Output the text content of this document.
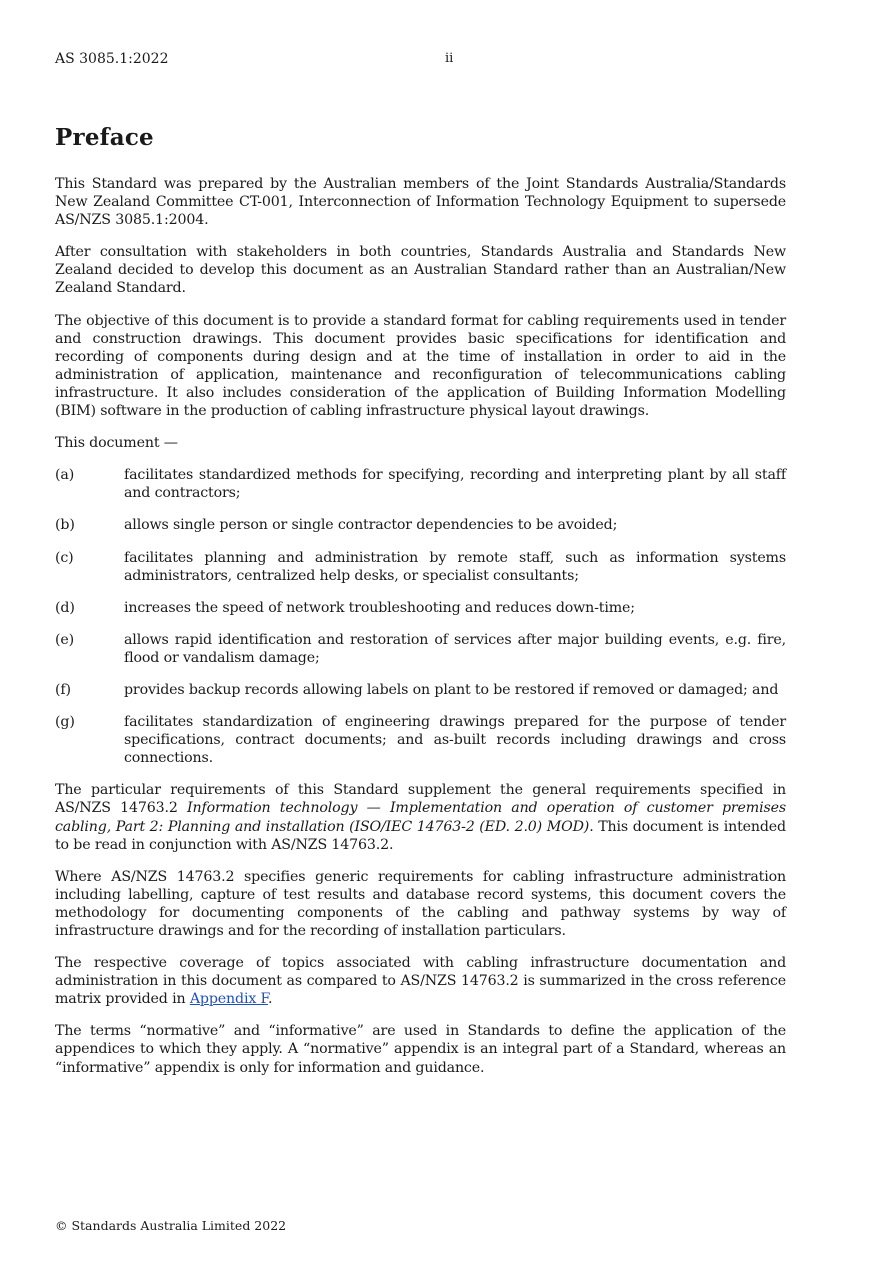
AS 3085.1:2022	ii
Preface

This Standard was prepared by the Australian members of the Joint Standards Australia/Standards New Zealand Committee CT-001, Interconnection of Information Technology Equipment to supersede AS/NZS 3085.1:2004.

After consultation with stakeholders in both countries, Standards Australia and Standards New Zealand decided to develop this document as an Australian Standard rather than an Australian/New Zealand Standard.

The objective of this document is to provide a standard format for cabling requirements used in tender and construction drawings. This document provides basic specifications for identification and recording of components during design and at the time of installation in order to aid in the administration of application, maintenance and reconfiguration of telecommunications cabling infrastructure. It also includes consideration of the application of Building Information Modelling (BIM) software in the production of cabling infrastructure physical layout drawings.

This document —

(a)	facilitates standardized methods for specifying, recording and interpreting plant by all staff and contractors;
(b)	allows single person or single contractor dependencies to be avoided;
(c)	facilitates planning and administration by remote staff, such as information systems administrators, centralized help desks, or specialist consultants;
(d)	increases the speed of network troubleshooting and reduces down-time;
(e)	allows rapid identification and restoration of services after major building events, e.g. fire, flood or vandalism damage;
(f)	provides backup records allowing labels on plant to be restored if removed or damaged; and
(g)	facilitates standardization of engineering drawings prepared for the purpose of tender specifications, contract documents; and as-built records including drawings and cross connections.

The particular requirements of this Standard supplement the general requirements specified in AS/NZS 14763.2 Information technology — Implementation and operation of customer premises cabling, Part 2: Planning and installation (ISO/IEC 14763-2 (ED. 2.0) MOD). This document is intended to be read in conjunction with AS/NZS 14763.2.

Where AS/NZS 14763.2 specifies generic requirements for cabling infrastructure administration including labelling, capture of test results and database record systems, this document covers the methodology for documenting components of the cabling and pathway systems by way of infrastructure drawings and for the recording of installation particulars.

The respective coverage of topics associated with cabling infrastructure documentation and administration in this document as compared to AS/NZS 14763.2 is summarized in the cross reference matrix provided in Appendix F.

The terms “normative” and “informative” are used in Standards to define the application of the appendices to which they apply. A “normative” appendix is an integral part of a Standard, whereas an “informative” appendix is only for information and guidance.

© Standards Australia Limited 2022
